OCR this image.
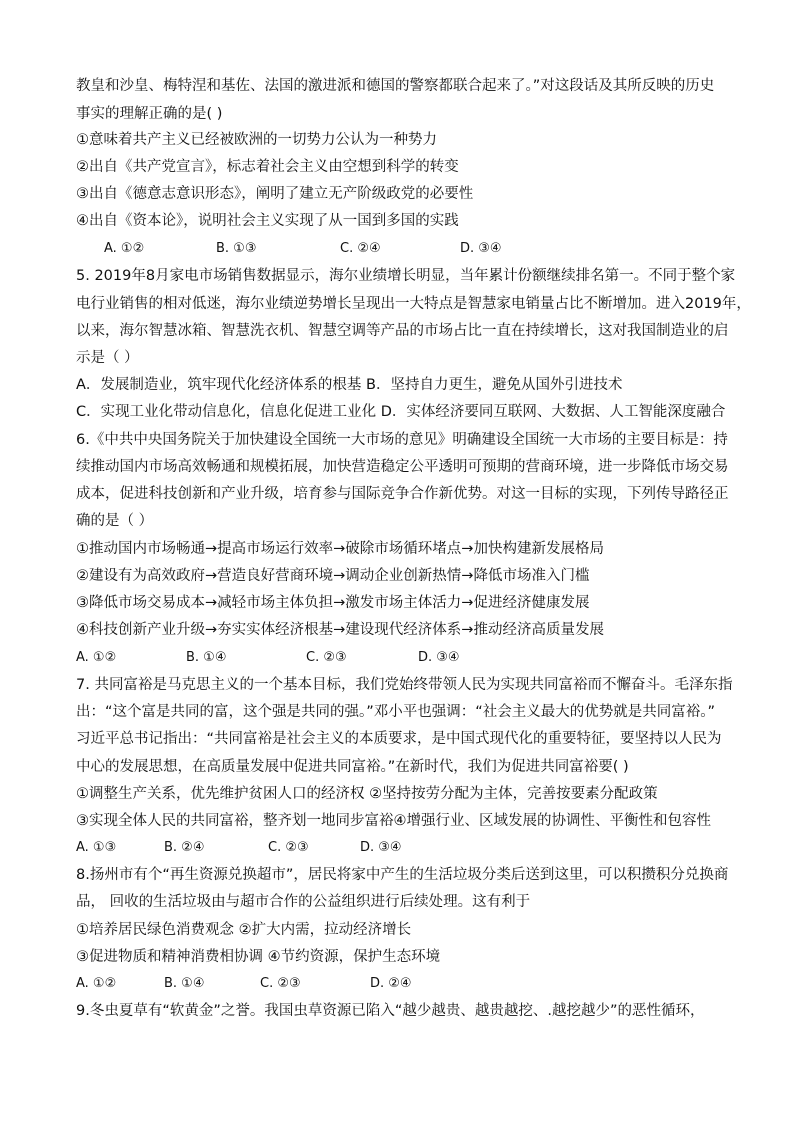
教皇和沙皇、梅特涅和基佐、法国的激进派和德国的警察都联合起来了。”对这段话及其所反映的历史
事实的理解正确的是( )
①意味着共产主义已经被欧洲的一切势力公认为一种势力
②出自《共产党宣言》，标志着社会主义由空想到科学的转变
③出自《德意志意识形态》，阐明了建立无产阶级政党的必要性
④出自《资本论》，说明社会主义实现了从一国到多国的实践
A. ①②	B. ①③	C. ②④	D. ③④
5. 2019年8月家电市场销售数据显示，海尔业绩增长明显，当年累计份额继续排名第一。不同于整个家
电行业销售的相对低迷，海尔业绩逆势增长呈现出一大特点是智慧家电销量占比不断增加。进入2019年，
以来，海尔智慧冰箱、智慧洗衣机、智慧空调等产品的市场占比一直在持续增长，这对我国制造业的启
示是（ ）
A．发展制造业，筑牢现代化经济体系的根基 B．坚持自力更生，避免从国外引进技术
C．实现工业化带动信息化，信息化促进工业化 D．实体经济要同互联网、大数据、人工智能深度融合
6.《中共中央国务院关于加快建设全国统一大市场的意见》明确建设全国统一大市场的主要目标是：持
续推动国内市场高效畅通和规模拓展，加快营造稳定公平透明可预期的营商环境，进一步降低市场交易
成本，促进科技创新和产业升级，培育参与国际竞争合作新优势。对这一目标的实现，下列传导路径正
确的是（ ）
①推动国内市场畅通→提高市场运行效率→破除市场循环堵点→加快构建新发展格局
②建设有为高效政府→营造良好营商环境→调动企业创新热情→降低市场准入门槛
③降低市场交易成本→减轻市场主体负担→激发市场主体活力→促进经济健康发展
④科技创新产业升级→夯实实体经济根基→建设现代经济体系→推动经济高质量发展
A. ①②	B. ①④	C. ②③	D. ③④
7. 共同富裕是马克思主义的一个基本目标，我们党始终带领人民为实现共同富裕而不懈奋斗。毛泽东指
出：“这个富是共同的富，这个强是共同的强。”邓小平也强调：“社会主义最大的优势就是共同富裕。”
习近平总书记指出：“共同富裕是社会主义的本质要求，是中国式现代化的重要特征，要坚持以人民为
中心的发展思想，在高质量发展中促进共同富裕。”在新时代，我们为促进共同富裕要( )
①调整生产关系，优先维护贫困人口的经济权 ②坚持按劳分配为主体，完善按要素分配政策
③实现全体人民的共同富裕，整齐划一地同步富裕④增强行业、区域发展的协调性、平衡性和包容性
A. ①③	B. ②④	C. ②③	D. ③④
8.扬州市有个“再生资源兑换超市”，居民将家中产生的生活垃圾分类后送到这里，可以积攒积分兑换商
品， 回收的生活垃圾由与超市合作的公益组织进行后续处理。这有利于
①培养居民绿色消费观念 ②扩大内需，拉动经济增长
③促进物质和精神消费相协调 ④节约资源，保护生态环境
A. ①②	B. ①④	C. ②③	D. ②④
9.冬虫夏草有“软黄金”之誉。我国虫草资源已陷入“越少越贵、越贵越挖、.越挖越少”的恶性循环，
